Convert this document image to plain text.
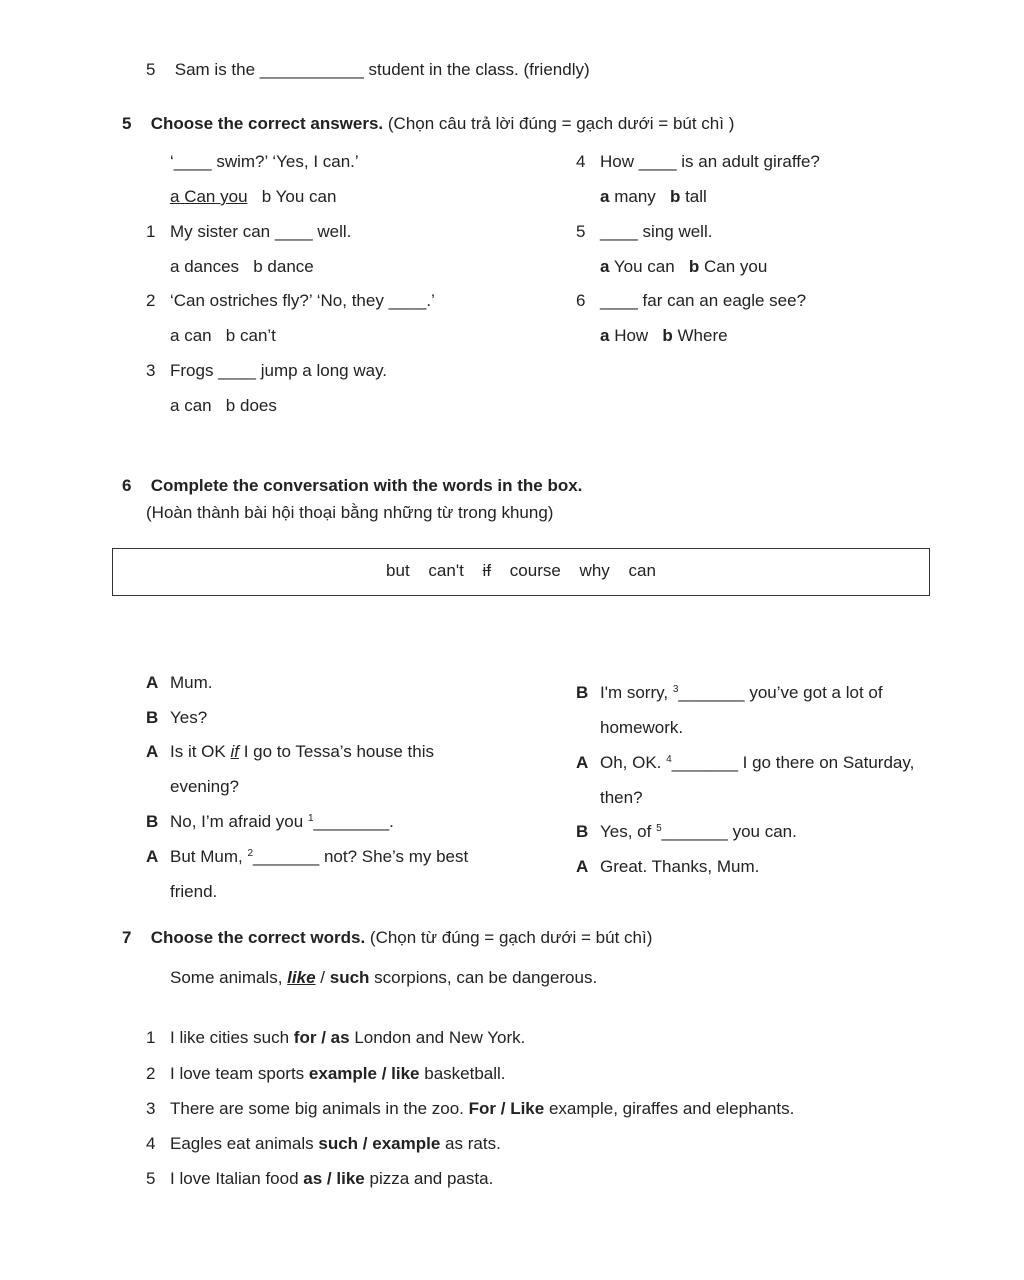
5 Sam is the ___________ student in the class. (friendly)
5 Choose the correct answers. (Chọn câu trả lời đúng = gạch dưới = bút chì )
‘____ swim?’ ‘Yes, I can.’
a Can you b You can
1 My sister can ____ well.
a dances b dance
2 ‘Can ostriches fly?’ ‘No, they ____.’
a can b can’t
3 Frogs ____ jump a long way.
a can b does
4 How ____ is an adult giraffe?
a many b tall
5 ____ sing well.
a You can b Can you
6 ____ far can an eagle see?
a How b Where
6 Complete the conversation with the words in the box.
(Hoàn thành bài hội thoại bằng những từ trong khung)
but can't if course why can
A Mum.
B Yes?
A Is it OK if I go to Tessa’s house this
evening?
B No, I’m afraid you $^1$________.
A But Mum, $^2$_______ not? She’s my best
friend.
B I'm sorry, $^3$_______ you’ve got a lot of
homework.
A Oh, OK. $^4$_______ I go there on Saturday,
then?
B Yes, of $^5$_______ you can.
A Great. Thanks, Mum.
7 Choose the correct words. (Chọn từ đúng = gạch dưới = bút chì)
Some animals, like / such scorpions, can be dangerous.
1 I like cities such for / as London and New York.
2 I love team sports example / like basketball.
3 There are some big animals in the zoo. For / Like example, giraffes and elephants.
4 Eagles eat animals such / example as rats.
5 I love Italian food as / like pizza and pasta.
